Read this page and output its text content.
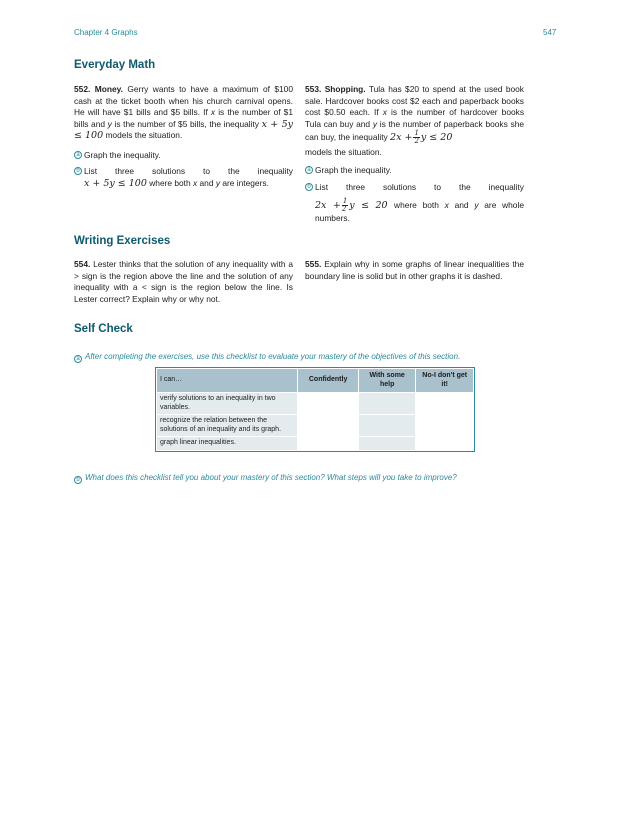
Chapter 4 Graphs	547
Everyday Math
552. Money. Gerry wants to have a maximum of $100 cash at the ticket booth when his church carnival opens. He will have $1 bills and $5 bills. If x is the number of $1 bills and y is the number of $5 bills, the inequality x + 5y ≤ 100 models the situation.
a Graph the inequality.
b List three solutions to the inequality
x + 5y ≤ 100 where both x and y are integers.
553. Shopping. Tula has $20 to spend at the used book sale. Hardcover books cost $2 each and paperback books cost $0.50 each. If x is the number of hardcover books Tula can buy and y is the number of paperback books she can buy, the inequality $2x + \frac{1}{2}$ y ≤ 20
models the situation.
a Graph the inequality.
b List three solutions to the inequality
$2x + \frac{1}{2}$ y ≤ 20 where both x and y are whole numbers.
Writing Exercises
554. Lester thinks that the solution of any inequality with a > sign is the region above the line and the solution of any inequality with a < sign is the region below the line. Is Lester correct? Explain why or why not.
555. Explain why in some graphs of linear inequalities the boundary line is solid but in other graphs it is dashed.
Self Check
a After completing the exercises, use this checklist to evaluate your mastery of the objectives of this section.
I can…	Confidently	With some help	No-I don't get it!
verify solutions to an inequality in two variables.			
recognize the relation between the solutions of an inequality and its graph.			
graph linear inequalities.			
b What does this checklist tell you about your mastery of this section? What steps will you take to improve?
